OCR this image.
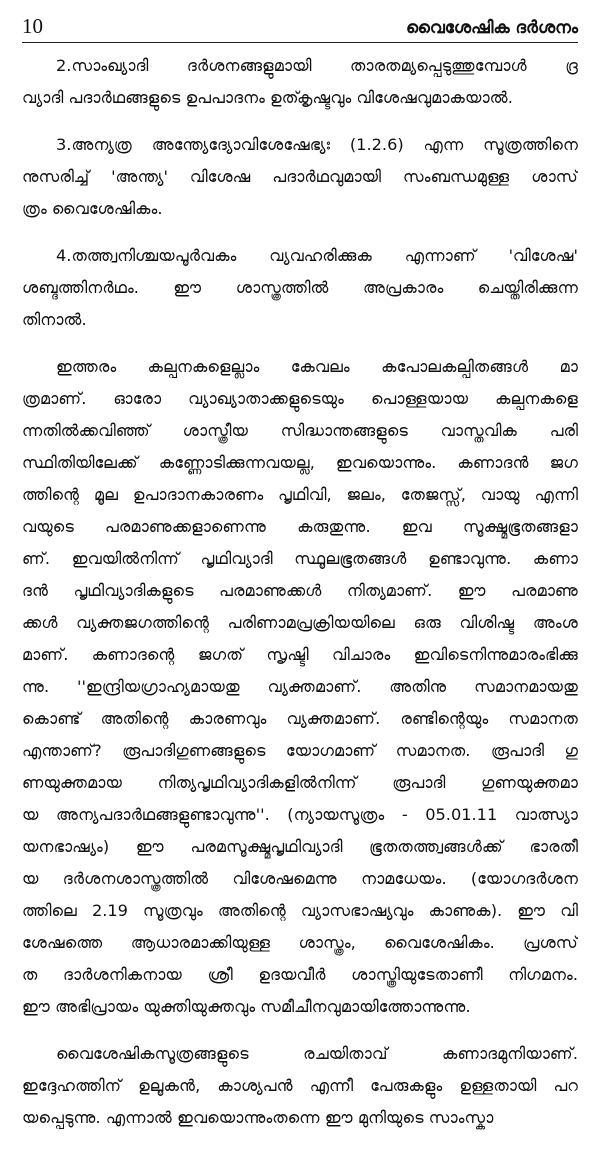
10	വൈശേഷിക ദർശനം
2.സാംഖ്യാദി ദർശനങ്ങളുമായി താരതമ്യപ്പെടുത്തുമ്പോൾ ദ്ര
വ്യാദി പദാർഥങ്ങളുടെ ഉപപാദനം ഉത്കൃഷ്ടവും വിശേഷവുമാകയാൽ.
3.അന്യത്ര അന്ത്യേദ്യോവിശേഷേഭ്യഃ (1.2.6) എന്ന സൂത്രത്തിനെ
നുസരിച്ച് 'അന്ത്യ' വിശേഷ പദാർഥവുമായി സംബന്ധമുള്ള ശാസ്
ത്രം വൈശേഷികം.
4.തത്ത്വനിശ്ചയപൂർവകം വ്യവഹരിക്കുക എന്നാണ് 'വിശേഷ'
ശബ്ദത്തിനർഥം. ഈ ശാസ്ത്രത്തിൽ അപ്രകാരം ചെയ്തിരിക്കുന്ന
തിനാൽ.
ഇത്തരം കല്പനകളെല്ലാം കേവലം കപോലകല്പിതങ്ങൾ മാ
ത്രമാണ്. ഓരോ വ്യാഖ്യാതാക്കളുടെയും പൊള്ളയായ കല്പനകളെ
ന്നതിൽക്കവിഞ്ഞ് ശാസ്ത്രീയ സിദ്ധാന്തങ്ങളുടെ വാസ്തവിക പരി
സ്ഥിതിയിലേക്ക് കണ്ണോടിക്കുന്നവയല്ല, ഇവയൊന്നും. കണാദൻ ജഗ
ത്തിന്റെ മൂല ഉപാദാനകാരണം പൃഥിവി, ജലം, തേജസ്സ്, വായു എന്നി
വയുടെ പരമാണുക്കളാണെന്നു കരുതുന്നു. ഇവ സൂക്ഷ്മഭൂതങ്ങളാ
ണ്. ഇവയിൽനിന്ന് പൃഥിവ്യാദി സ്ഥൂലഭൂതങ്ങൾ ഉണ്ടാവുന്നു. കണാ
ദൻ പൃഥിവ്യാദികളുടെ പരമാണുക്കൾ നിത്യമാണ്. ഈ പരമാണു
ക്കൾ വ്യക്തജഗത്തിന്റെ പരിണാമപ്രക്രിയയിലെ ഒരു വിശിഷ്ട അംശ
മാണ്. കണാദന്റെ ജഗത് സൃഷ്ടി വിചാരം ഇവിടെനിന്നുമാരംഭിക്കു
ന്നു. ''ഇന്ദ്രിയഗ്രാഹ്യമായതു വ്യക്തമാണ്. അതിനു സമാനമായതു
കൊണ്ട് അതിന്റെ കാരണവും വ്യക്തമാണ്. രണ്ടിന്റെയും സമാനത
എന്താണ്? രൂപാദിഗുണങ്ങളുടെ യോഗമാണ് സമാനത. രൂപാദി ഗു
ണയുക്തമായ നിത്യപൃഥിവ്യാദികളിൽനിന്ന് രൂപാദി ഗുണയുക്തമാ
യ അന്യപദാർഥങ്ങളുണ്ടാവുന്നു''. (ന്യായസൂത്രം - 05.01.11 വാത്സ്യാ
യനഭാഷ്യം) ഈ പരമസൂക്ഷ്മപൃഥിവ്യാദി ഭൂതതത്ത്വങ്ങൾക്ക് ഭാരതീ
യ ദർശനശാസ്ത്രത്തിൽ വിശേഷമെന്നു നാമധേയം. (യോഗദർശന
ത്തിലെ 2.19 സൂത്രവും അതിന്റെ വ്യാസഭാഷ്യവും കാണുക). ഈ വി
ശേഷത്തെ ആധാരമാക്കിയുള്ള ശാസ്ത്രം, വൈശേഷികം. പ്രശസ്
ത ദാർശനികനായ ശ്രീ ഉദയവീർ ശാസ്ത്രിയുടേതാണീ നിഗമനം.
ഈ അഭിപ്രായം യുക്തിയുക്തവും സമീചീനവുമായിത്തോന്നുന്നു.
വൈശേഷികസൂത്രങ്ങളുടെ രചയിതാവ് കണാദമുനിയാണ്.
ഇദ്ദേഹത്തിന് ഉലൂകൻ, കാശ്യപൻ എന്നീ പേരുകളും ഉള്ളതായി പറ
യപ്പെടുന്നു. എന്നാൽ ഇവയൊന്നുംതന്നെ ഈ മുനിയുടെ സാംസ്കാ
